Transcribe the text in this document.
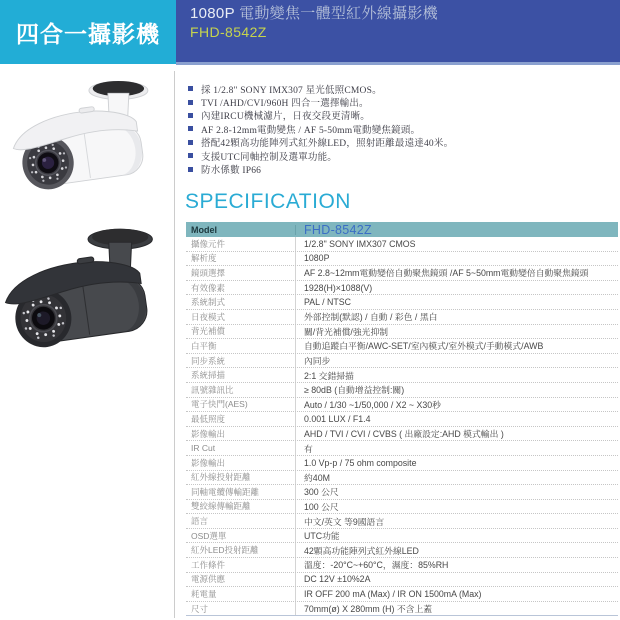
1080P 電動變焦一體型紅外線攝影機
FHD-8542Z
四合一攝影機
採 1/2.8" SONY IMX307 星光低照CMOS。
TVI /AHD/CVI/960H 四合一選擇輸出。
內建IRCU機械濾片，日夜交段更清晰。
AF 2.8-12mm電動變焦 / AF 5-50mm電動變焦鏡頭。
搭配42顆高功能陣列式紅外線LED，照射距離最遠達40米。
支援UTC同軸控制及選單功能。
防水係數 IP66
SPECIFICATION
Model	FHD-8542Z
攝像元件	1/2.8" SONY IMX307 CMOS
解析度	1080P
鏡頭選擇	AF 2.8~12mm電動變倍自動聚焦鏡頭 /AF 5~50mm電動變倍自動聚焦鏡頭
有效像素	1928(H)×1088(V)
系統制式	PAL / NTSC
日夜模式	外部控制(默認) / 自動 / 彩色 / 黑白
背光補償	關/背光補償/強光抑制
白平衡	自動追蹤白平衡/AWC-SET/室內模式/室外模式/手動模式/AWB
同步系統	內同步
系統掃描	2:1 交錯掃描
訊號雜訊比	≥ 80dB (自動增益控制:關)
電子快門(AES)	Auto / 1/30 ~1/50,000 / X2 ~ X30秒
最低照度	0.001 LUX / F1.4
影像輸出	AHD / TVI / CVI / CVBS ( 出廠設定:AHD 模式輸出 )
IR Cut	有
影像輸出	1.0 Vp-p / 75 ohm composite
紅外線投射距離	約40M
同軸電纜傳輸距離	300 公尺
雙絞線傳輸距離	100 公尺
語言	中文/英文 等9國語言
OSD選單	UTC功能
紅外LED投射距離	42顆高功能陣列式紅外線LED
工作條件	溫度：-20°C~+60°C，濕度：85%RH
電源供應	DC 12V ±10%2A
耗電量	IR OFF 200 mA (Max) / IR ON 1500mA (Max)
尺寸	70mm(ø) X 280mm (H) 不含上蓋
